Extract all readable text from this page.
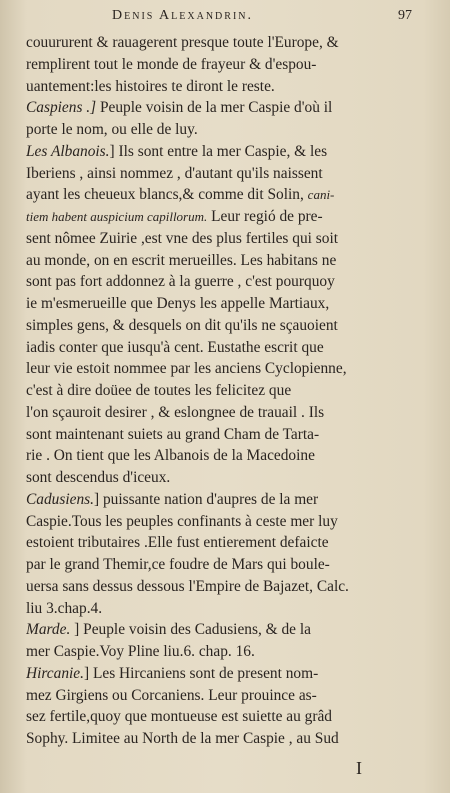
Denis Alexandrin.	97
couururent & rauagerent presque toute l'Europe, &
remplirent tout le monde de frayeur & d'espou-
uantement:les histoires te diront le reste.
Caspiens .] Peuple voisin de la mer Caspie d'où il
porte le nom, ou elle de luy.
Les Albanois.] Ils sont entre la mer Caspie, & les
Iberiens , ainsi nommez , d'autant qu'ils naissent
ayant les cheueux blancs,& comme dit Solin, cani-
tiem habent auspicium capillorum. Leur regió de pre-
sent nômee Zuirie ,est vne des plus fertiles qui soit
au monde, on en escrit merueilles. Les habitans ne
sont pas fort addonnez à la guerre , c'est pourquoy
ie m'esmerueille que Denys les appelle Martiaux,
simples gens, & desquels on dit qu'ils ne sçauoient
iadis conter que iusqu'à cent. Eustathe escrit que
leur vie estoit nommee par les anciens Cyclopienne,
c'est à dire doüee de toutes les felicitez que
l'on sçauroit desirer , & eslongnee de trauail . Ils
sont maintenant suiets au grand Cham de Tarta-
rie . On tient que les Albanois de la Macedoine
sont descendus d'iceux.
Cadusiens.] puissante nation d'aupres de la mer
Caspie.Tous les peuples confinants à ceste mer luy
estoient tributaires .Elle fust entierement defaicte
par le grand Themir,ce foudre de Mars qui boule-
uersa sans dessus dessous l'Empire de Bajazet, Calc.
liu 3.chap.4.
Marde. ] Peuple voisin des Cadusiens, & de la
mer Caspie.Voy Pline liu.6. chap. 16.
Hircanie.] Les Hircaniens sont de present nom-
mez Girgiens ou Corcaniens. Leur prouince as-
sez fertile,quoy que montueuse est suiette au grâd
Sophy. Limitee au North de la mer Caspie , au Sud
I
